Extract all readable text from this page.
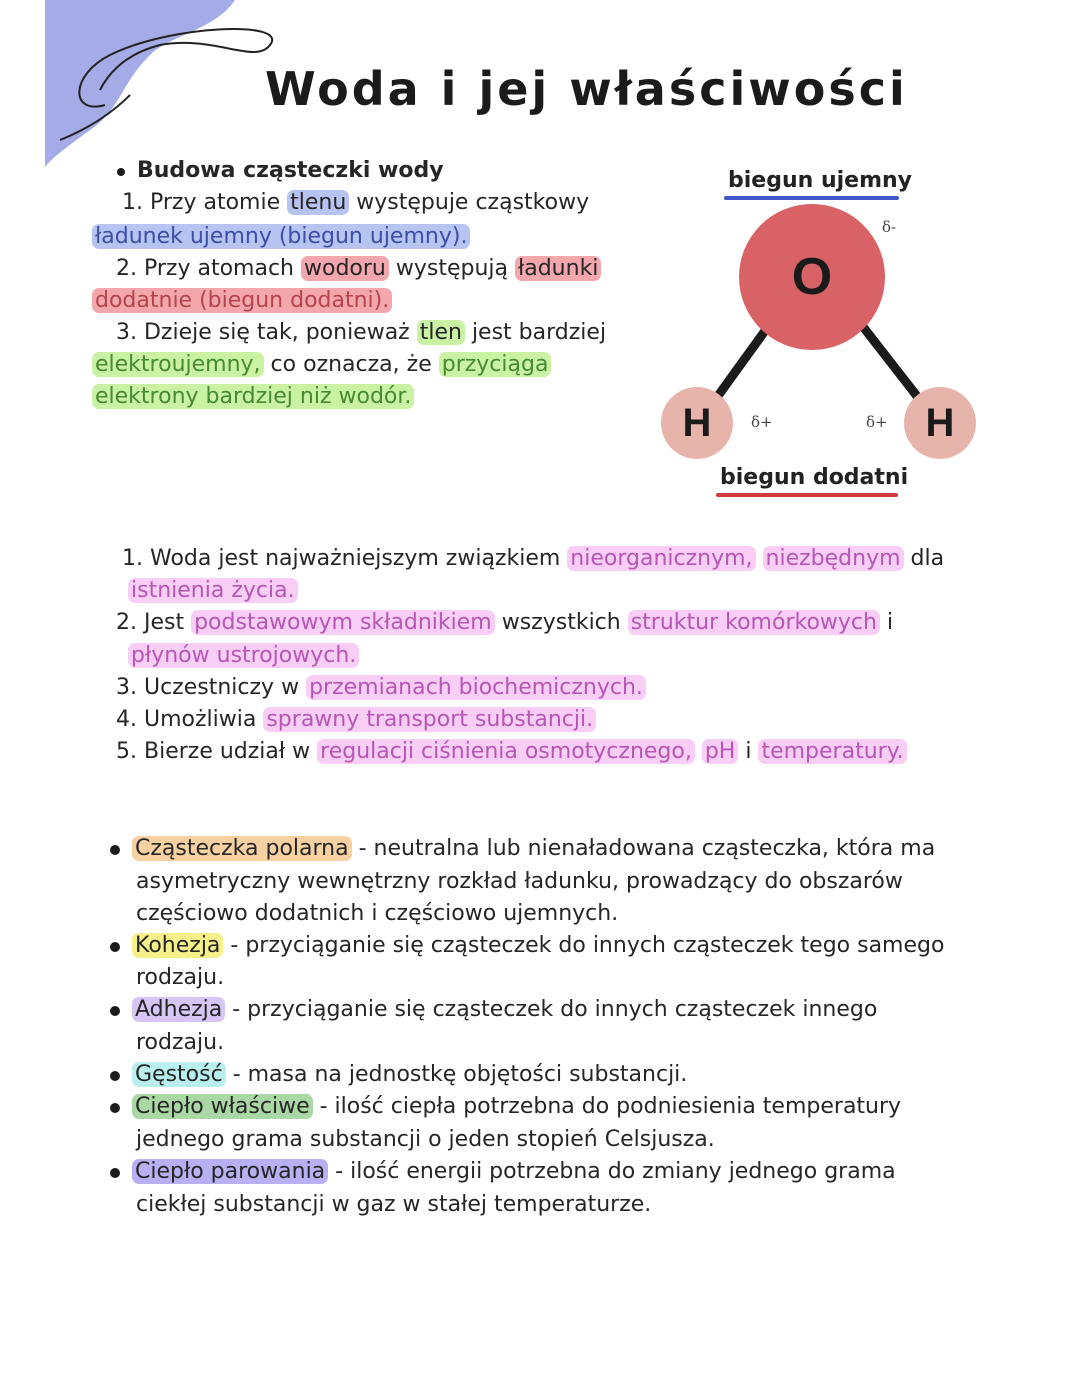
Woda i jej właściwości
Budowa cząsteczki wody
1. Przy atomie tlenu występuje cząstkowy
ładunek ujemny (biegun ujemny).
2. Przy atomach wodoru występują ładunki
dodatnie (biegun dodatni).
3. Dzieje się tak, ponieważ tlen jest bardziej
elektroujemny, co oznacza, że przyciąga
elektrony bardziej niż wodór.
biegun ujemny
O
H	H
δ-
δ+	δ+
biegun dodatni
1. Woda jest najważniejszym związkiem nieorganicznym, niezbędnym dla
istnienia życia.
2. Jest podstawowym składnikiem wszystkich struktur komórkowych i
płynów ustrojowych.
3. Uczestniczy w przemianach biochemicznych.
4. Umożliwia sprawny transport substancji.
5. Bierze udział w regulacji ciśnienia osmotycznego, pH i temperatury.
Cząsteczka polarna - neutralna lub nienaładowana cząsteczka, która ma
asymetryczny wewnętrzny rozkład ładunku, prowadzący do obszarów
częściowo dodatnich i częściowo ujemnych.
Kohezja - przyciąganie się cząsteczek do innych cząsteczek tego samego
rodzaju.
Adhezja - przyciąganie się cząsteczek do innych cząsteczek innego
rodzaju.
Gęstość - masa na jednostkę objętości substancji.
Ciepło właściwe - ilość ciepła potrzebna do podniesienia temperatury
jednego grama substancji o jeden stopień Celsjusza.
Ciepło parowania - ilość energii potrzebna do zmiany jednego grama
ciekłej substancji w gaz w stałej temperaturze.
